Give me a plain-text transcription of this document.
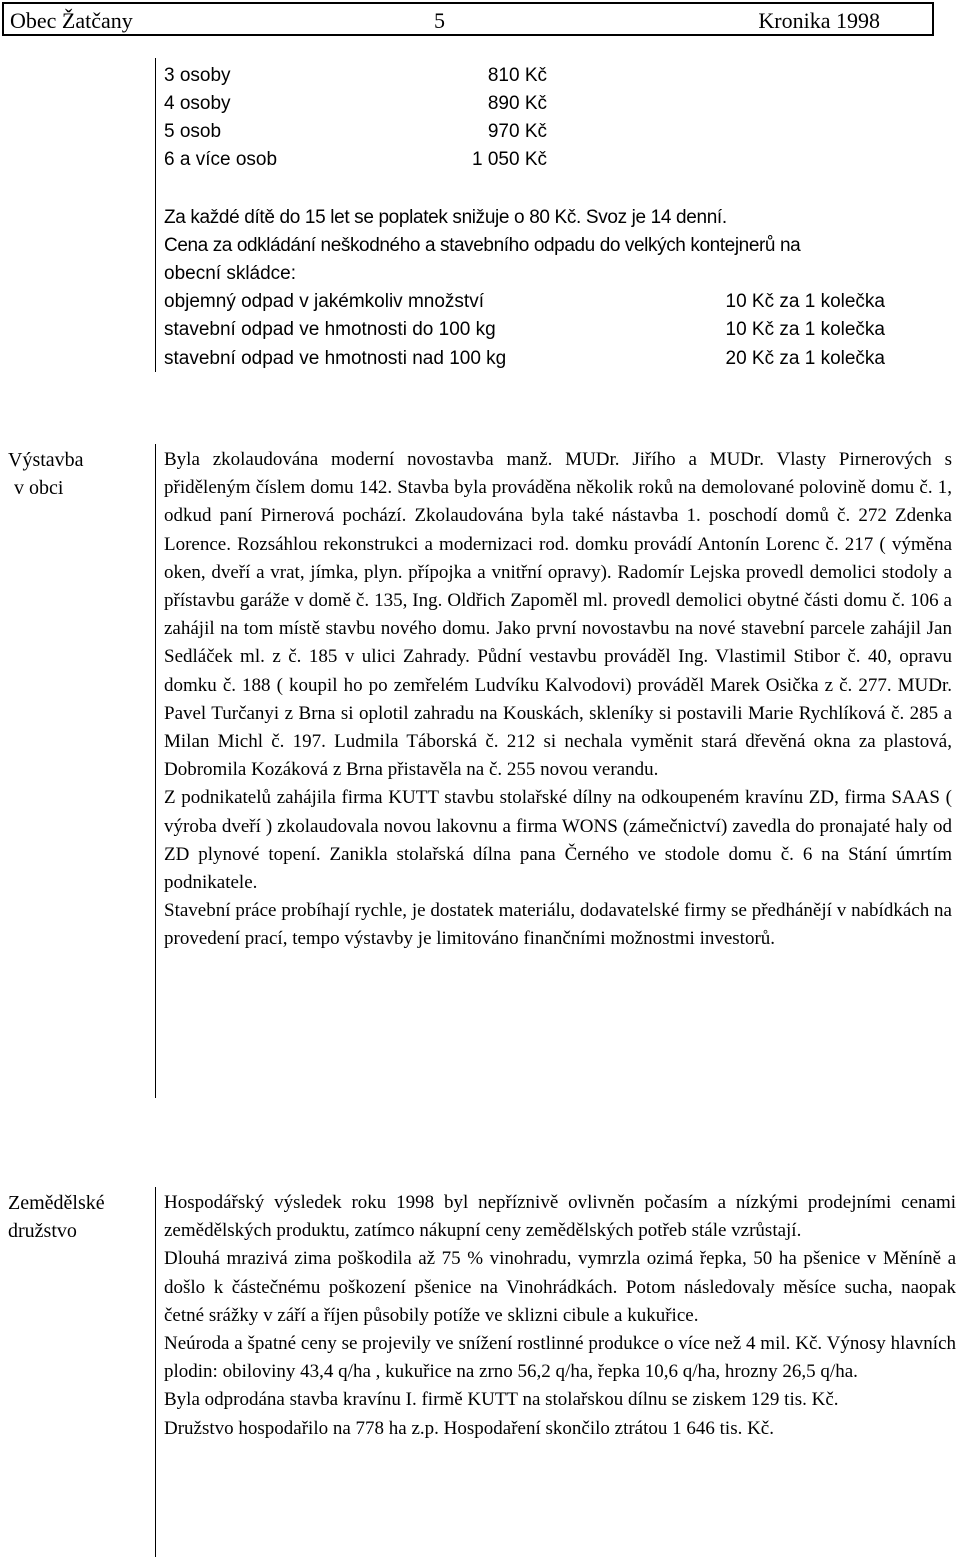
Obec Žatčany	5	Kronika 1998
3 osoby	810 Kč
4 osoby	890 Kč
5 osob	970 Kč
6 a více osob	1 050 Kč
Za každé dítě do 15 let se poplatek snižuje o 80 Kč. Svoz je 14 denní.
Cena za odkládání neškodného a stavebního odpadu do velkých kontejnerů na
obecní skládce:
objemný odpad v jakémkoliv množství	10 Kč za 1 kolečka
stavební odpad ve hmotnosti do 100 kg	10 Kč za 1 kolečka
stavební odpad ve hmotnosti nad 100 kg	20 Kč za 1 kolečka
Výstavba
v obci

Byla zkolaudována moderní novostavba manž. MUDr. Jiřího a MUDr. Vlasty Pirnerových s přiděleným číslem domu 142. Stavba byla prováděna několik roků na demolované polovině domu č. 1, odkud paní Pirnerová pochází. Zkolaudována byla také nástavba 1. poschodí domů č. 272 Zdenka Lorence. Rozsáhlou rekonstrukci a modernizaci rod. domku provádí Antonín Lorenc č. 217 ( výměna oken, dveří a vrat, jímka, plyn. přípojka a vnitřní opravy). Radomír Lejska provedl demolici stodoly a přístavbu garáže v domě č. 135, Ing. Oldřich Zapoměl ml. provedl demolici obytné části domu č. 106 a zahájil na tom místě stavbu nového domu. Jako první novostavbu na nové stavební parcele zahájil Jan Sedláček ml. z č. 185 v ulici Zahrady. Půdní vestavbu prováděl Ing. Vlastimil Stibor č. 40, opravu domku č. 188 ( koupil ho po zemřelém Ludvíku Kalvodovi) prováděl Marek Osička z č. 277. MUDr. Pavel Turčanyi z Brna si oplotil zahradu na Kouskách, skleníky si postavili Marie Rychlíková č. 285 a Milan Michl č. 197. Ludmila Táborská č. 212 si nechala vyměnit stará dřevěná okna za plastová, Dobromila Kozáková z Brna přistavěla na č. 255 novou verandu.

Z podnikatelů zahájila firma KUTT stavbu stolařské dílny na odkoupeném kravínu ZD, firma SAAS ( výroba dveří ) zkolaudovala novou lakovnu a firma WONS (zámečnictví) zavedla do pronajaté haly od ZD plynové topení. Zanikla stolařská dílna pana Černého ve stodole domu č. 6 na Stání úmrtím podnikatele.

Stavební práce probíhají rychle, je dostatek materiálu, dodavatelské firmy se předhánějí v nabídkách na provedení prací, tempo výstavby je limitováno finančními možnostmi investorů.

Zemědělské
družstvo

Hospodářský výsledek roku 1998 byl nepříznivě ovlivněn počasím a nízkými prodejními cenami zemědělských produktu, zatímco nákupní ceny zemědělských potřeb stále vzrůstají.

Dlouhá mrazivá zima poškodila až 75 % vinohradu, vymrzla ozimá řepka, 50 ha pšenice v Měníně a došlo k částečnému poškození pšenice na Vinohrádkách. Potom následovaly měsíce sucha, naopak četné srážky v září a říjen působily potíže ve sklizni cibule a kukuřice.

Neúroda a špatné ceny se projevily ve snížení rostlinné produkce o více než 4 mil. Kč. Výnosy hlavních plodin: obiloviny 43,4 q/ha , kukuřice na zrno 56,2 q/ha, řepka 10,6 q/ha, hrozny 26,5 q/ha.

Byla odprodána stavba kravínu I. firmě KUTT na stolařskou dílnu se ziskem 129 tis. Kč.

Družstvo hospodařilo na 778 ha z.p. Hospodaření skončilo ztrátou 1 646 tis. Kč.
